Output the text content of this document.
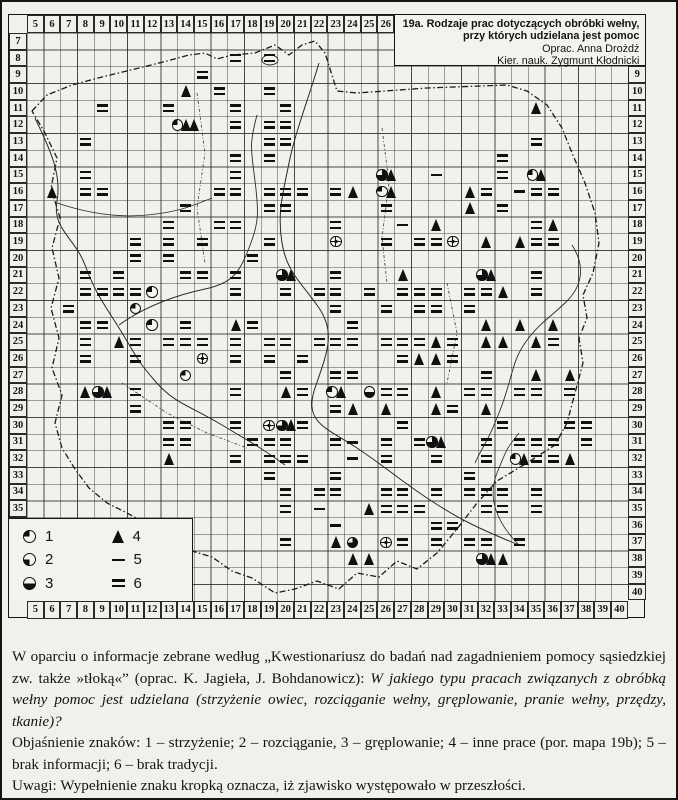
5	6	7	8	9 10 11 12 13 14 15 16 17 18 19 20 21 22 23 24 25 26
5	6	7	8	9 10 11 12 13 14 15 16 17 18 19 20 21 22 23 24 25 26 27 28 29 30 31 32 33 34 35 36 37 38 39 40
7
8
9
10
11
12
13
14
15
16
17
18
19
20
21
22
23
24
25
26
27
28
29
30
31
32
33
34
35
9
10
11
12
13
14
15
16
17
18
19
20
21
22
23
24
25
26
27
28
29
30
31
32
33
34
35
36
37
38
39
40
19a. Rodzaje prac dotyczących obróbki wełny,
przy których udzielana jest pomoc
Oprac. Anna Drożdż
Kier. nauk. Zygmunt Kłodnicki
1
2
3
4
5
6

W oparciu o informacje zebrane według „Kwestionariusz do badań nad zagadnieniem pomocy sąsiedzkiej zw. także »tłoką«” (oprac. K. Jagieła, J. Bohdanowicz): W jakiego typu pracach związanych z obróbką wełny pomoc jest udzielana (strzyżenie owiec, rozciąganie wełny, gręplowanie, pranie wełny, przędzy, tkanie)?

Objaśnienie znaków: 1 – strzyżenie; 2 – rozciąganie, 3 – gręplowanie; 4 – inne prace (por. mapa 19b); 5 – brak informacji; 6 – brak tradycji.

Uwagi: Wypełnienie znaku kropką oznacza, iż zjawisko występowało w przeszłości.
